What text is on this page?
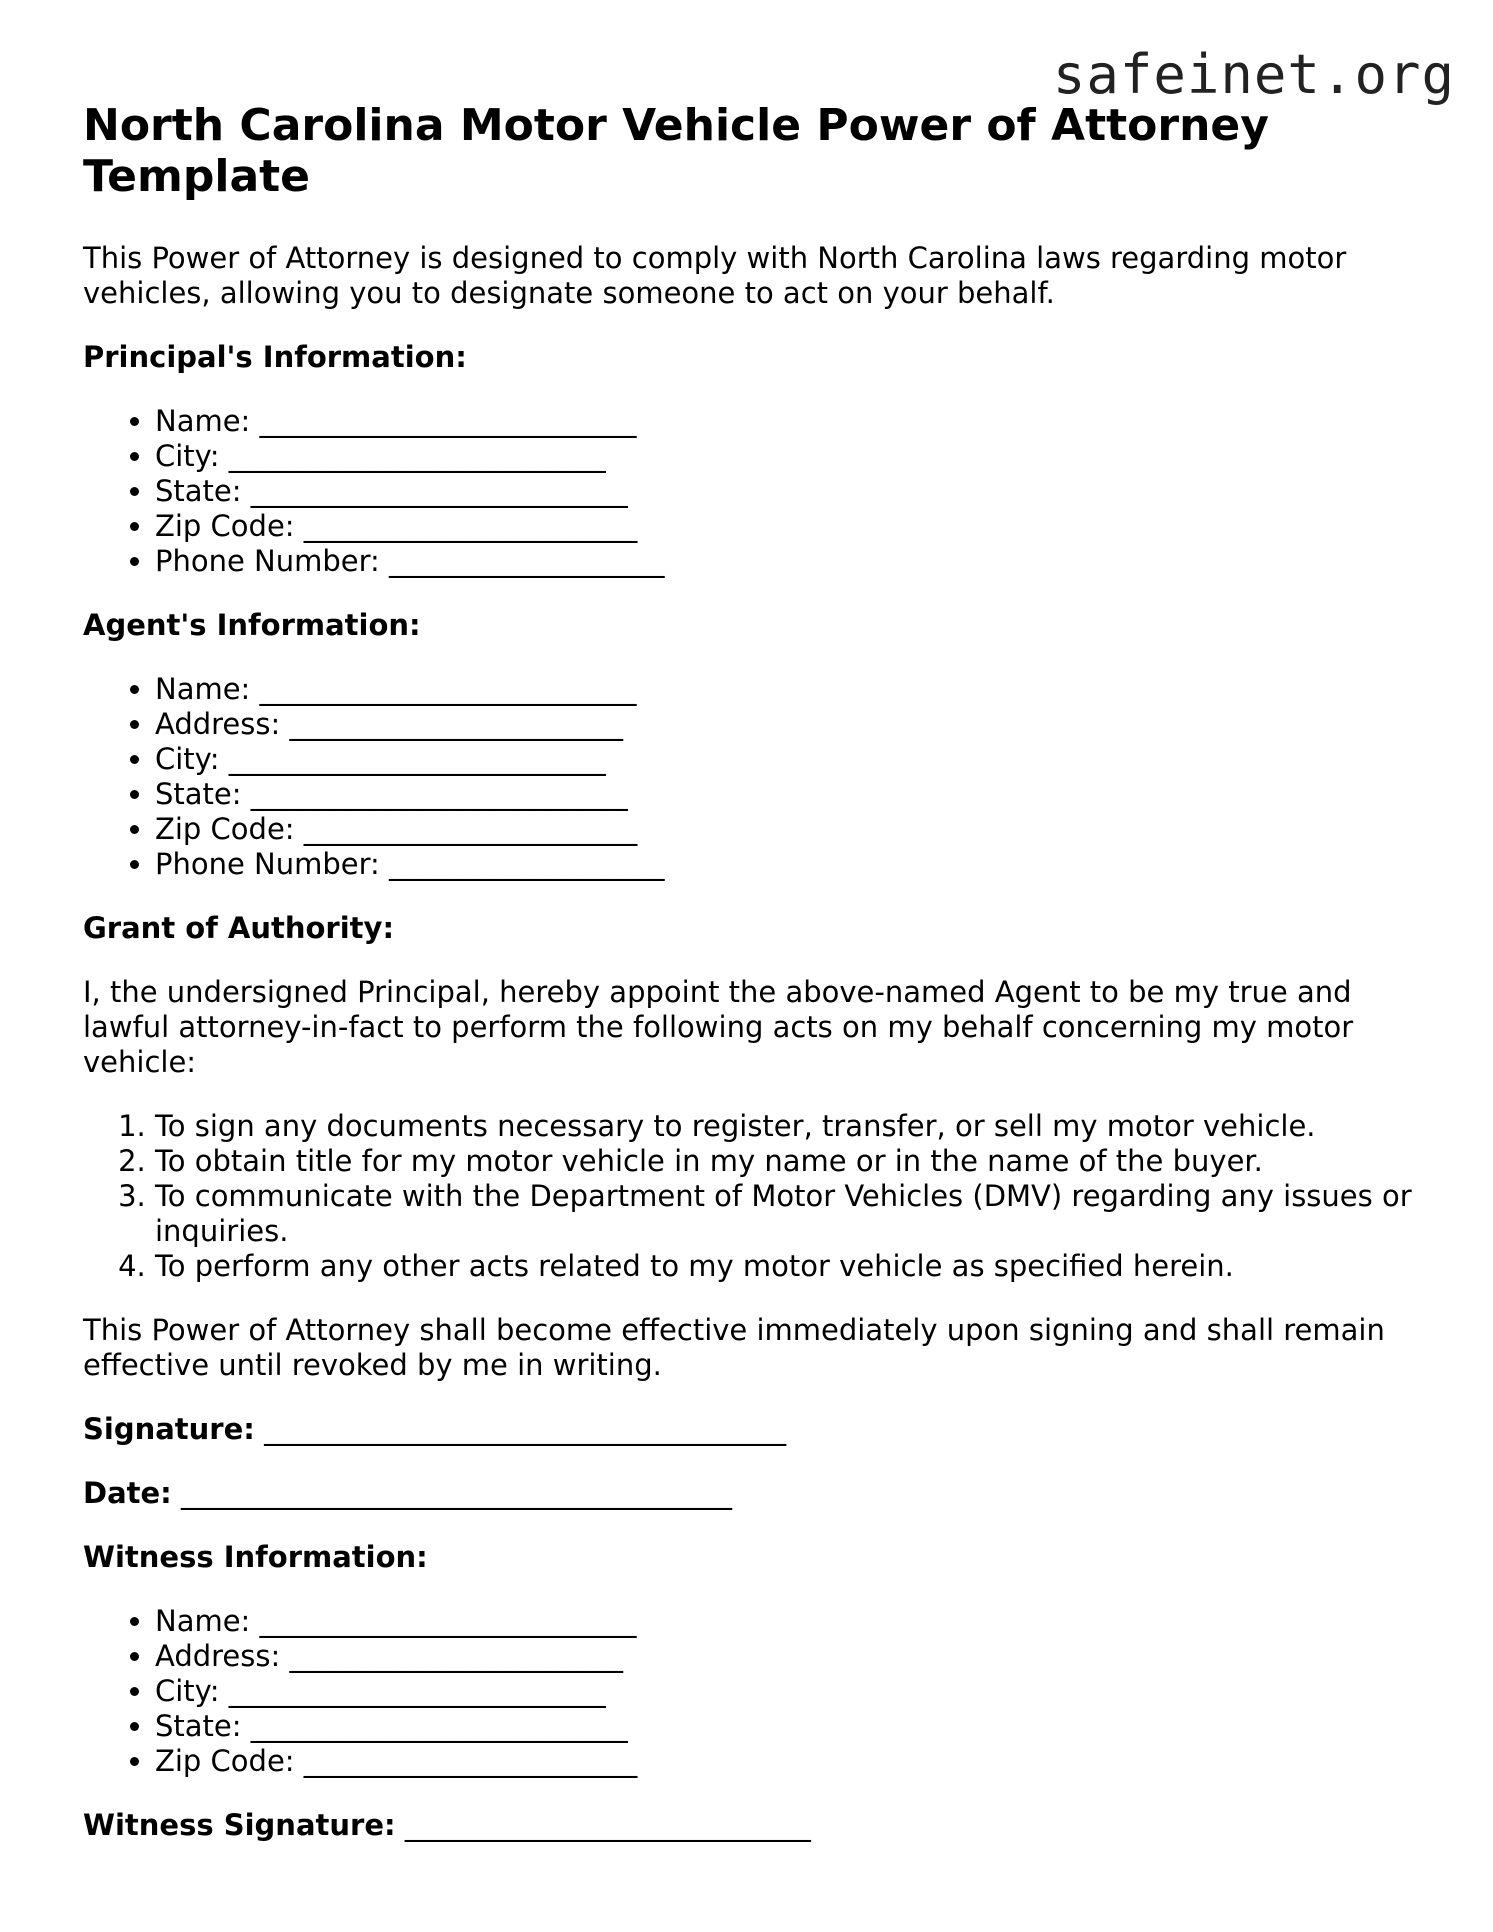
safeinet.org
North Carolina Motor Vehicle Power of Attorney Template

This Power of Attorney is designed to comply with North Carolina laws regarding motor vehicles, allowing you to designate someone to act on your behalf.

Principal's Information:
• Name: __________________________
• City: __________________________
• State: __________________________
• Zip Code: _______________________
• Phone Number: ___________________
Agent's Information:
• Name: __________________________
• Address: _______________________
• City: __________________________
• State: __________________________
• Zip Code: _______________________
• Phone Number: ___________________
Grant of Authority:

I, the undersigned Principal, hereby appoint the above-named Agent to be my true and lawful attorney-in-fact to perform the following acts on my behalf concerning my motor vehicle:

1. To sign any documents necessary to register, transfer, or sell my motor vehicle.
2. To obtain title for my motor vehicle in my name or in the name of the buyer.
3. To communicate with the Department of Motor Vehicles (DMV) regarding any issues or inquiries.
4. To perform any other acts related to my motor vehicle as specified herein.

This Power of Attorney shall become effective immediately upon signing and shall remain effective until revoked by me in writing.

Signature: ____________________________________
Date: ______________________________________
Witness Information:
• Name: __________________________
• Address: _______________________
• City: __________________________
• State: __________________________
• Zip Code: _______________________
Witness Signature: ____________________________
